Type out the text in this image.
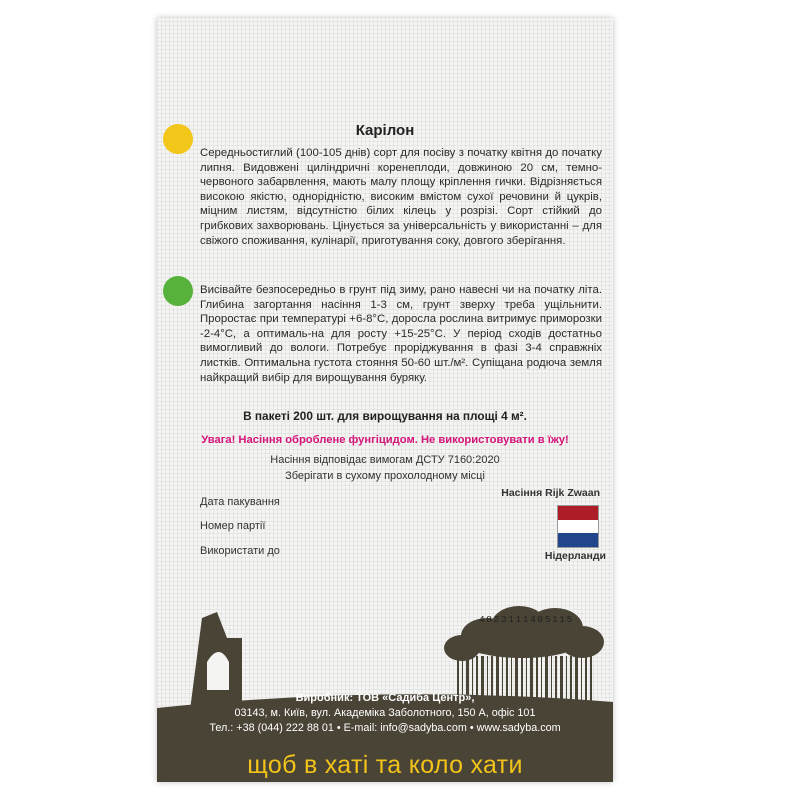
Карілон
Середньостиглий (100-105 днів) сорт для посіву з початку квітня до початку липня. Видовжені циліндричні коренеплоди, довжиною 20 см, темно-червоного забарвлення, мають малу площу кріплення гички. Відрізняється високою якістю, однорідністю, високим вмістом сухої речовини й цукрів, міцним листям, відсутністю білих кілець у розрізі. Сорт стійкий до грибкових захворювань. Цінується за універсальність у використанні – для свіжого споживання, кулінарії, приготування соку, довгого зберігання.
Висівайте безпосередньо в грунт під зиму, рано навесні чи на початку літа. Глибина загортання насіння 1-3 см, грунт зверху треба ущільнити. Проростає при температурі +6-8°С, доросла рослина витримує приморозки -2-4°С, а оптималь-на для росту +15-25°С. У період сходів достатньо вимогливий до вологи. Потребує проріджування в фазі 3-4 справжніх листків. Оптимальна густота стояння 50-60 шт./м². Супіщана родюча земля найкращий вибір для вирощування буряку.
В пакеті 200 шт. для вирощування на площі 4 м².
Увага! Насіння оброблене фунгіцидом. Не використовувати в їжу!
Насіння відповідає вимогам ДСТУ 7160:2020
Зберігати в сухому прохолодному місці
Насіння Rijk Zwaan
Дата пакування
Номер партії
Використати до	Нідерланди
4823111405115
Виробник: ТОВ «Садиба Центр»,
03143, м. Київ, вул. Академіка Заболотного, 150 А, офіс 101
Тел.: +38 (044) 222 88 01 • E-mail: info@sadyba.com • www.sadyba.com
щоб в хаті та коло хати
